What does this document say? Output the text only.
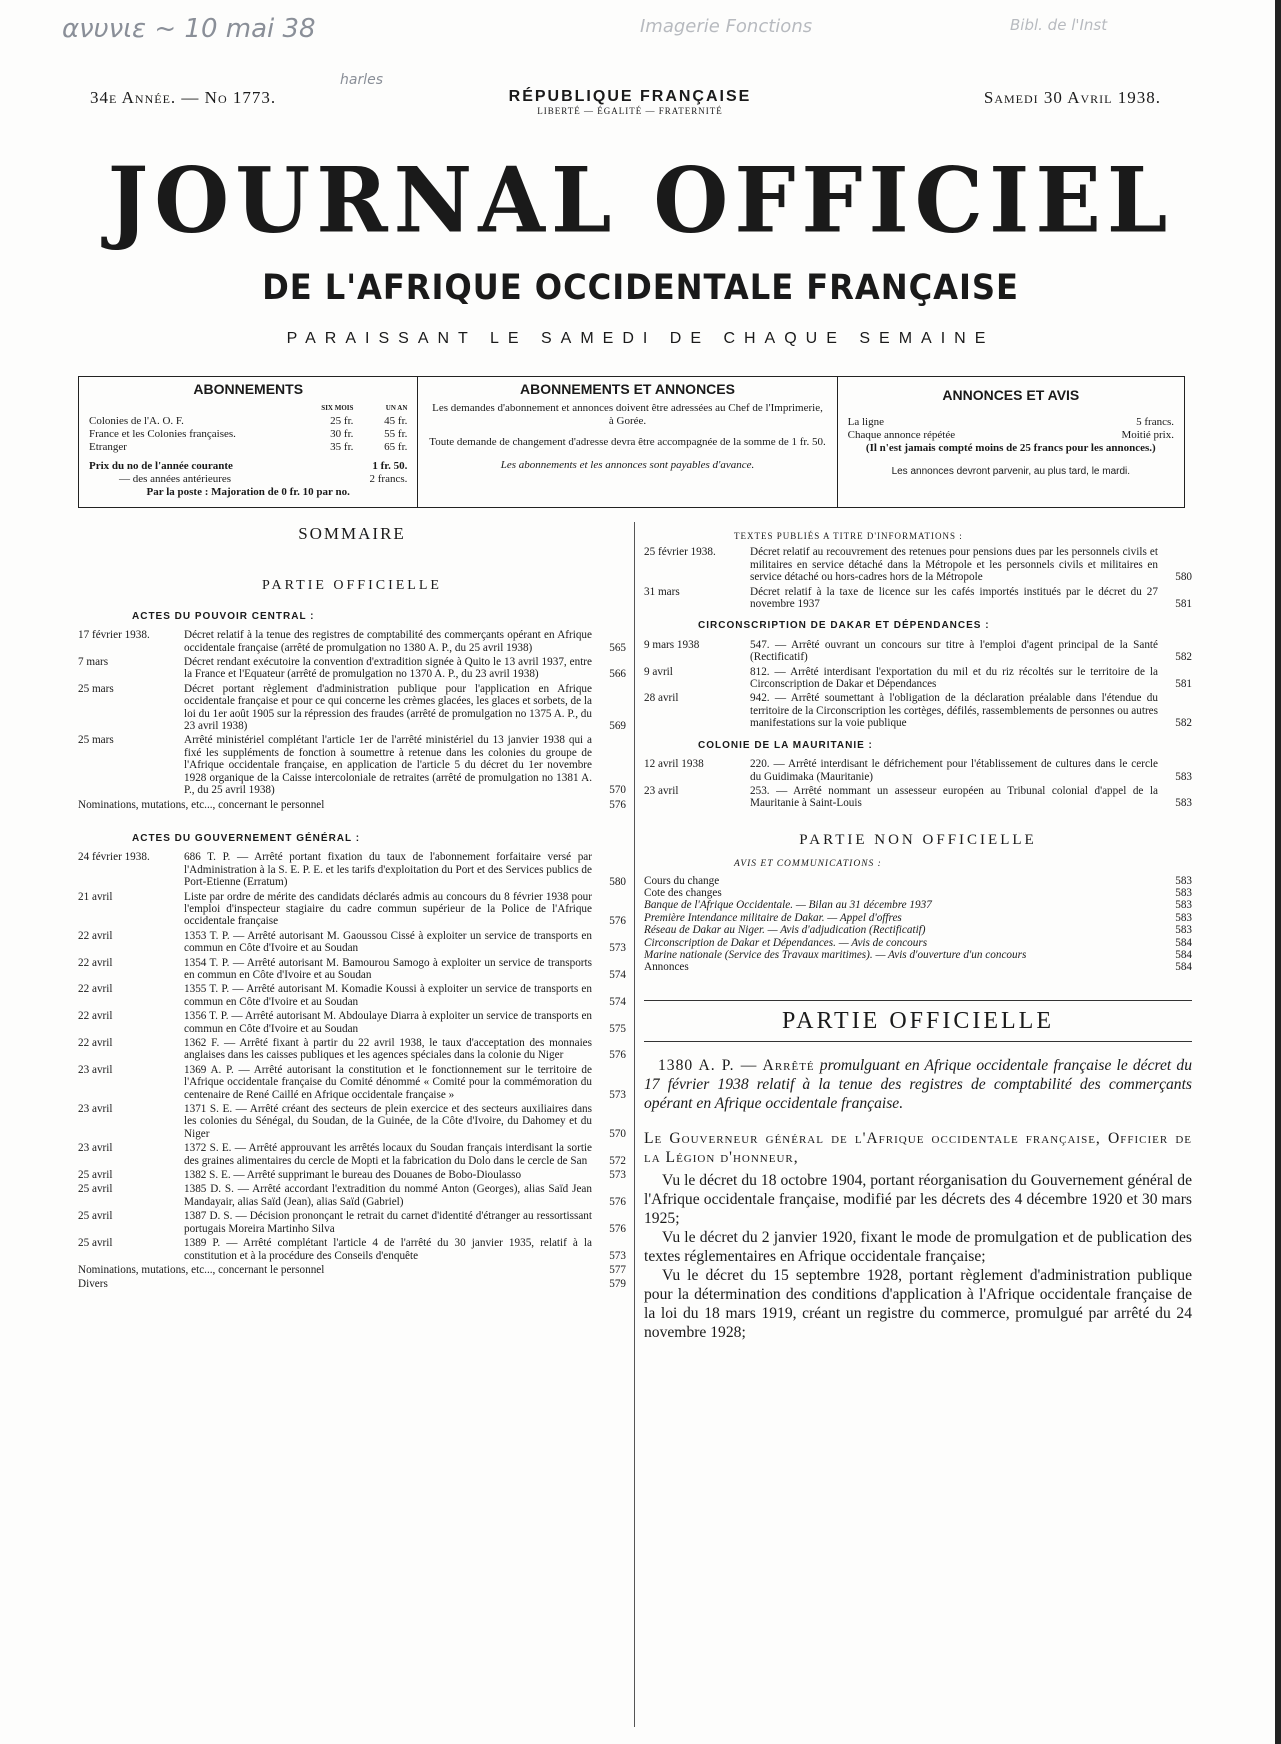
ανυνιε ~ 10 mai 38
harles
Imagerie Fonctions	Bibl. de l'Inst
34e Année. — No 1773.	RÉPUBLIQUE FRANÇAISE
LIBERTÉ — ÉGALITÉ — FRATERNITÉ
Samedi 30 Avril 1938.
JOURNAL OFFICIEL
DE L'AFRIQUE OCCIDENTALE FRANÇAISE
PARAISSANT LE SAMEDI DE CHAQUE SEMAINE
ABONNEMENTS
SIX MOIS	UN AN
Colonies de l'A. O. F.	25 fr.	45 fr.
France et les Colonies françaises.	30 fr.	55 fr.
Etranger	35 fr.	65 fr.
Prix du no de l'année courante	1 fr. 50.
— des années antérieures	2 francs.
Par la poste : Majoration de 0 fr. 10 par no.
ABONNEMENTS ET ANNONCES
Les demandes d'abonnement et annonces doivent être adressées au Chef de l'Imprimerie, à Gorée.
Toute demande de changement d'adresse devra être accompagnée de la somme de 1 fr. 50.
Les abonnements et les annonces sont payables d'avance.
ANNONCES ET AVIS
La ligne	5 francs.
Chaque annonce répétée	Moitié prix.
(Il n'est jamais compté moins de 25 francs pour les annonces.)
Les annonces devront parvenir, au plus tard, le mardi.
SOMMAIRE
PARTIE OFFICIELLE
ACTES DU POUVOIR CENTRAL :
17 février 1938.	Décret relatif à la tenue des registres de comptabilité des commerçants opérant en Afrique occidentale française (arrêté de promulgation no 1380 A. P., du 25 avril 1938)	565
7 mars	Décret rendant exécutoire la convention d'extradition signée à Quito le 13 avril 1937, entre la France et l'Equateur (arrêté de promulgation no 1370 A. P., du 23 avril 1938)	566
25 mars	Décret portant règlement d'administration publique pour l'application en Afrique occidentale française et pour ce qui concerne les crèmes glacées, les glaces et sorbets, de la loi du 1er août 1905 sur la répression des fraudes (arrêté de promulgation no 1375 A. P., du 23 avril 1938)	569
25 mars	Arrêté ministériel complétant l'article 1er de l'arrêté ministériel du 13 janvier 1938 qui a fixé les suppléments de fonction à soumettre à retenue dans les colonies du groupe de l'Afrique occidentale française, en application de l'article 5 du décret du 1er novembre 1928 organique de la Caisse intercoloniale de retraites (arrêté de promulgation no 1381 A. P., du 25 avril 1938)	570
Nominations, mutations, etc..., concernant le personnel	576
ACTES DU GOUVERNEMENT GÉNÉRAL :
24 février 1938.	686 T. P. — Arrêté portant fixation du taux de l'abonnement forfaitaire versé par l'Administration à la S. E. P. E. et les tarifs d'exploitation du Port et des Services publics de Port-Etienne (Erratum)	580
21 avril	Liste par ordre de mérite des candidats déclarés admis au concours du 8 février 1938 pour l'emploi d'inspecteur stagiaire du cadre commun supérieur de la Police de l'Afrique occidentale française	576
22 avril	1353 T. P. — Arrêté autorisant M. Gaoussou Cissé à exploiter un service de transports en commun en Côte d'Ivoire et au Soudan	573
22 avril	1354 T. P. — Arrêté autorisant M. Bamourou Samogo à exploiter un service de transports en commun en Côte d'Ivoire et au Soudan	574
22 avril	1355 T. P. — Arrêté autorisant M. Komadie Koussi à exploiter un service de transports en commun en Côte d'Ivoire et au Soudan	574
22 avril	1356 T. P. — Arrêté autorisant M. Abdoulaye Diarra à exploiter un service de transports en commun en Côte d'Ivoire et au Soudan	575
22 avril	1362 F. — Arrêté fixant à partir du 22 avril 1938, le taux d'acceptation des monnaies anglaises dans les caisses publiques et les agences spéciales dans la colonie du Niger	576
23 avril	1369 A. P. — Arrêté autorisant la constitution et le fonctionnement sur le territoire de l'Afrique occidentale française du Comité dénommé « Comité pour la commémoration du centenaire de René Caillé en Afrique occidentale française »	573
23 avril	1371 S. E. — Arrêté créant des secteurs de plein exercice et des secteurs auxiliaires dans les colonies du Sénégal, du Soudan, de la Guinée, de la Côte d'Ivoire, du Dahomey et du Niger	570
23 avril	1372 S. E. — Arrêté approuvant les arrêtés locaux du Soudan français interdisant la sortie des graines alimentaires du cercle de Mopti et la fabrication du Dolo dans le cercle de San	572
25 avril	1382 S. E. — Arrêté supprimant le bureau des Douanes de Bobo-Dioulasso	573
25 avril	1385 D. S. — Arrêté accordant l'extradition du nommé Anton (Georges), alias Saïd Jean Mandayair, alias Saïd (Jean), alias Saïd (Gabriel)	576
25 avril	1387 D. S. — Décision prononçant le retrait du carnet d'identité d'étranger au ressortissant portugais Moreira Martinho Silva	576
25 avril	1389 P. — Arrêté complétant l'article 4 de l'arrêté du 30 janvier 1935, relatif à la constitution et à la procédure des Conseils d'enquête	573
Nominations, mutations, etc..., concernant le personnel	577
Divers	579
TEXTES PUBLIÉS A TITRE D'INFORMATIONS :
25 février 1938.	Décret relatif au recouvrement des retenues pour pensions dues par les personnels civils et militaires en service détaché dans la Métropole et les personnels civils et militaires en service détaché ou hors-cadres hors de la Métropole	580
31 mars	Décret relatif à la taxe de licence sur les cafés importés institués par le décret du 27 novembre 1937	581
CIRCONSCRIPTION DE DAKAR ET DÉPENDANCES :
9 mars 1938	547. — Arrêté ouvrant un concours sur titre à l'emploi d'agent principal de la Santé (Rectificatif)	582
9 avril	812. — Arrêté interdisant l'exportation du mil et du riz récoltés sur le territoire de la Circonscription de Dakar et Dépendances	581
28 avril	942. — Arrêté soumettant à l'obligation de la déclaration préalable dans l'étendue du territoire de la Circonscription les cortèges, défilés, rassemblements de personnes ou autres manifestations sur la voie publique	582
COLONIE DE LA MAURITANIE :
12 avril 1938	220. — Arrêté interdisant le défrichement pour l'établissement de cultures dans le cercle du Guidimaka (Mauritanie)	583
23 avril	253. — Arrêté nommant un assesseur européen au Tribunal colonial d'appel de la Mauritanie à Saint-Louis	583
PARTIE NON OFFICIELLE
AVIS ET COMMUNICATIONS :
Cours du change	583
Cote des changes	583
Banque de l'Afrique Occidentale. — Bilan au 31 décembre 1937	583
Première Intendance militaire de Dakar. — Appel d'offres	583
Réseau de Dakar au Niger. — Avis d'adjudication (Rectificatif)	583
Circonscription de Dakar et Dépendances. — Avis de concours	584
Marine nationale (Service des Travaux maritimes). — Avis d'ouverture d'un concours	584
Annonces	584
PARTIE OFFICIELLE
1380 A. P. — Arrêté promulguant en Afrique occidentale française le décret du 17 février 1938 relatif à la tenue des registres de comptabilité des commerçants opérant en Afrique occidentale française.
Le Gouverneur général de l'Afrique occidentale française, Officier de la Légion d'honneur,
Vu le décret du 18 octobre 1904, portant réorganisation du Gouvernement général de l'Afrique occidentale française, modifié par les décrets des 4 décembre 1920 et 30 mars 1925;
Vu le décret du 2 janvier 1920, fixant le mode de promulgation et de publication des textes réglementaires en Afrique occidentale française;
Vu le décret du 15 septembre 1928, portant règlement d'administration publique pour la détermination des conditions d'application à l'Afrique occidentale française de la loi du 18 mars 1919, créant un registre du commerce, promulgué par arrêté du 24 novembre 1928;
